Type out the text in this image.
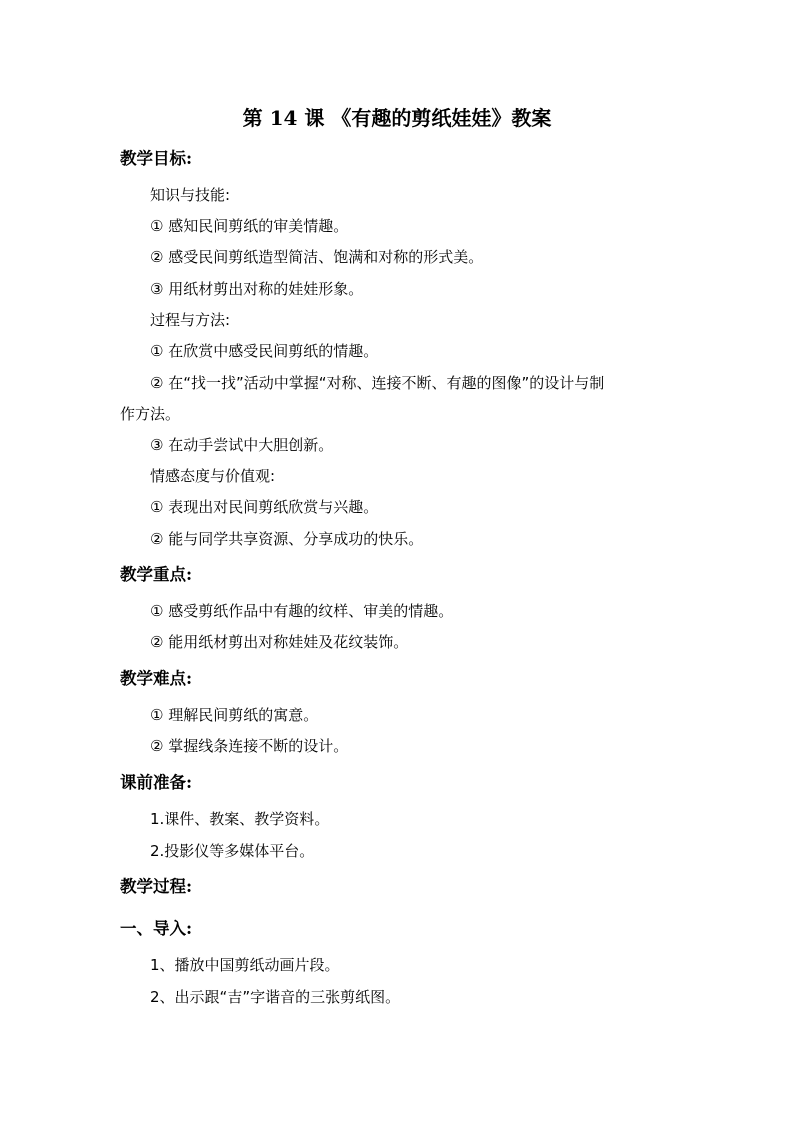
第 14 课 《有趣的剪纸娃娃》教案
教学目标:
知识与技能:
① 感知民间剪纸的审美情趣。
② 感受民间剪纸造型简洁、饱满和对称的形式美。
③ 用纸材剪出对称的娃娃形象。
过程与方法:
① 在欣赏中感受民间剪纸的情趣。
② 在“找一找”活动中掌握“对称、连接不断、有趣的图像”的设计与制
作方法。
③ 在动手尝试中大胆创新。
情感态度与价值观:
① 表现出对民间剪纸欣赏与兴趣。
② 能与同学共享资源、分享成功的快乐。
教学重点:
① 感受剪纸作品中有趣的纹样、审美的情趣。
② 能用纸材剪出对称娃娃及花纹装饰。
教学难点:
① 理解民间剪纸的寓意。
② 掌握线条连接不断的设计。
课前准备:
1.课件、教案、教学资料。
2.投影仪等多媒体平台。
教学过程:
一、导入:
1、播放中国剪纸动画片段。
2、出示跟“吉”字谐音的三张剪纸图。
